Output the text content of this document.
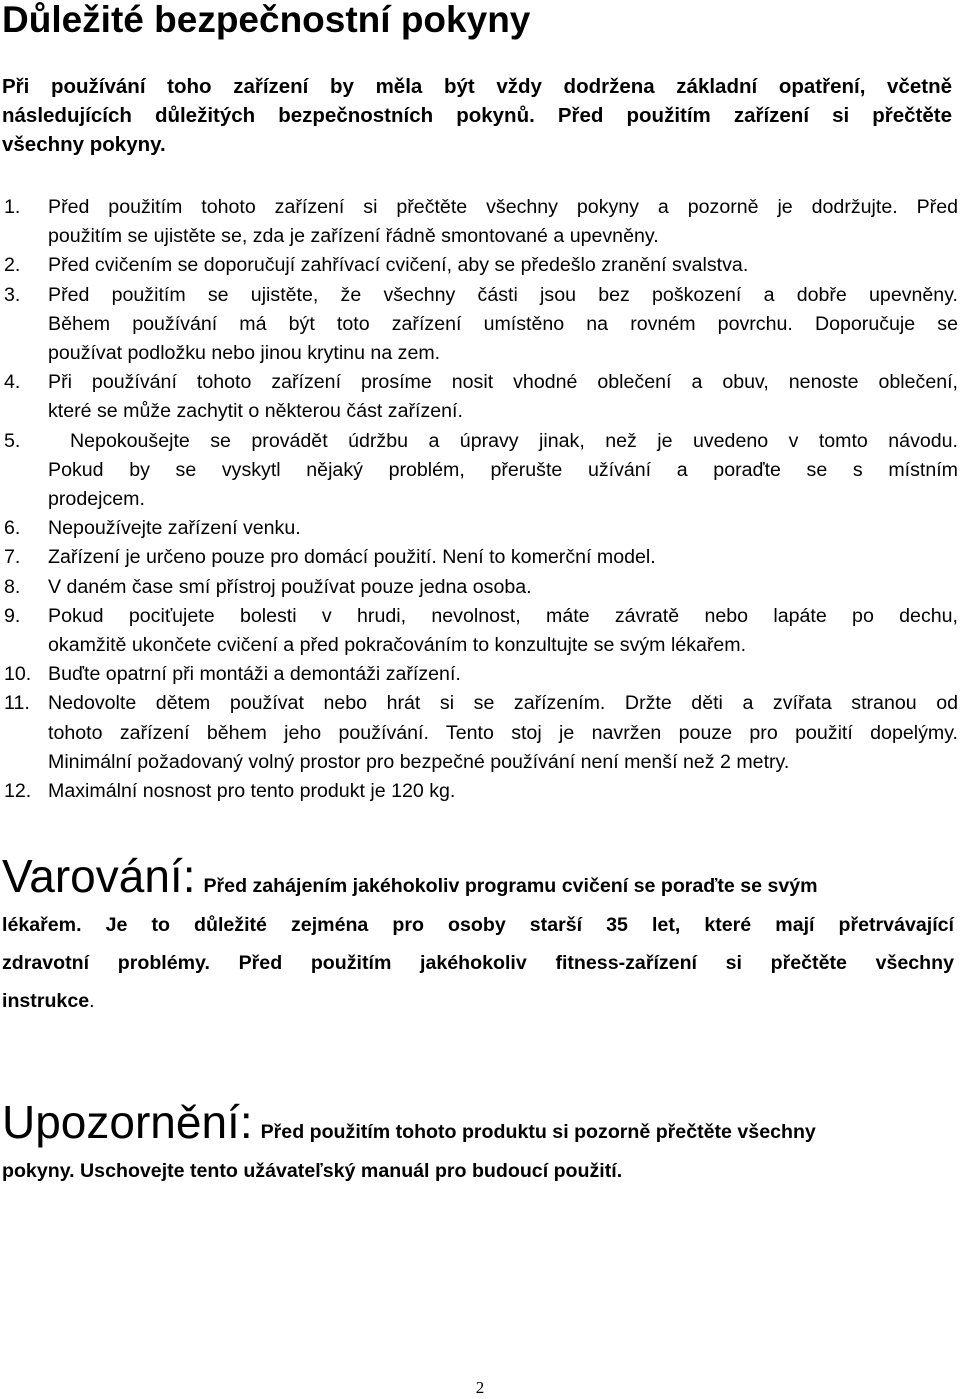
Důležité bezpečnostní pokyny

Při používání toho zařízení by měla být vždy dodržena základní opatření, včetně
následujících důležitých bezpečnostních pokynů. Před použitím zařízení si přečtěte
všechny pokyny.

1. Před použitím tohoto zařízení si přečtěte všechny pokyny a pozorně je dodržujte. Před
použitím se ujistěte se, zda je zařízení řádně smontované a upevněny.
2. Před cvičením se doporučují zahřívací cvičení, aby se předešlo zranění svalstva.
3. Před použitím se ujistěte, že všechny části jsou bez poškození a dobře upevněny.
Během používání má být toto zařízení umístěno na rovném povrchu. Doporučuje se
používat podložku nebo jinou krytinu na zem.
4. Při používání tohoto zařízení prosíme nosit vhodné oblečení a obuv, nenoste oblečení,
které se může zachytit o některou část zařízení.
5.	Nepokoušejte se provádět údržbu a úpravy jinak, než je uvedeno v tomto návodu.
Pokud by se vyskytl nějaký problém, přerušte užívání a poraďte se s místním
prodejcem.
6. Nepoužívejte zařízení venku.
7. Zařízení je určeno pouze pro domácí použití. Není to komerční model.
8. V daném čase smí přístroj používat pouze jedna osoba.
9. Pokud pociťujete bolesti v hrudi, nevolnost, máte závratě nebo lapáte po dechu,
okamžitě ukončete cvičení a před pokračováním to konzultujte se svým lékařem.
10. Buďte opatrní při montáži a demontáži zařízení.
11. Nedovolte dětem používat nebo hrát si se zařízením. Držte děti a zvířata stranou od
tohoto zařízení během jeho používání. Tento stoj je navržen pouze pro použití dopelýmy.
Minimální požadovaný volný prostor pro bezpečné používání není menší než 2 metry.
12. Maximální nosnost pro tento produkt je 120 kg.
Varování: Před zahájením jakéhokoliv programu cvičení se poraďte se svým
lékařem. Je to důležité zejména pro osoby starší 35 let, které mají přetrvávající
zdravotní problémy. Před použitím jakéhokoliv fitness-zařízení si přečtěte všechny
instrukce.
Upozornění: Před použitím tohoto produktu si pozorně přečtěte všechny
pokyny. Uschovejte tento užávateľský manuál pro budoucí použití.
2
